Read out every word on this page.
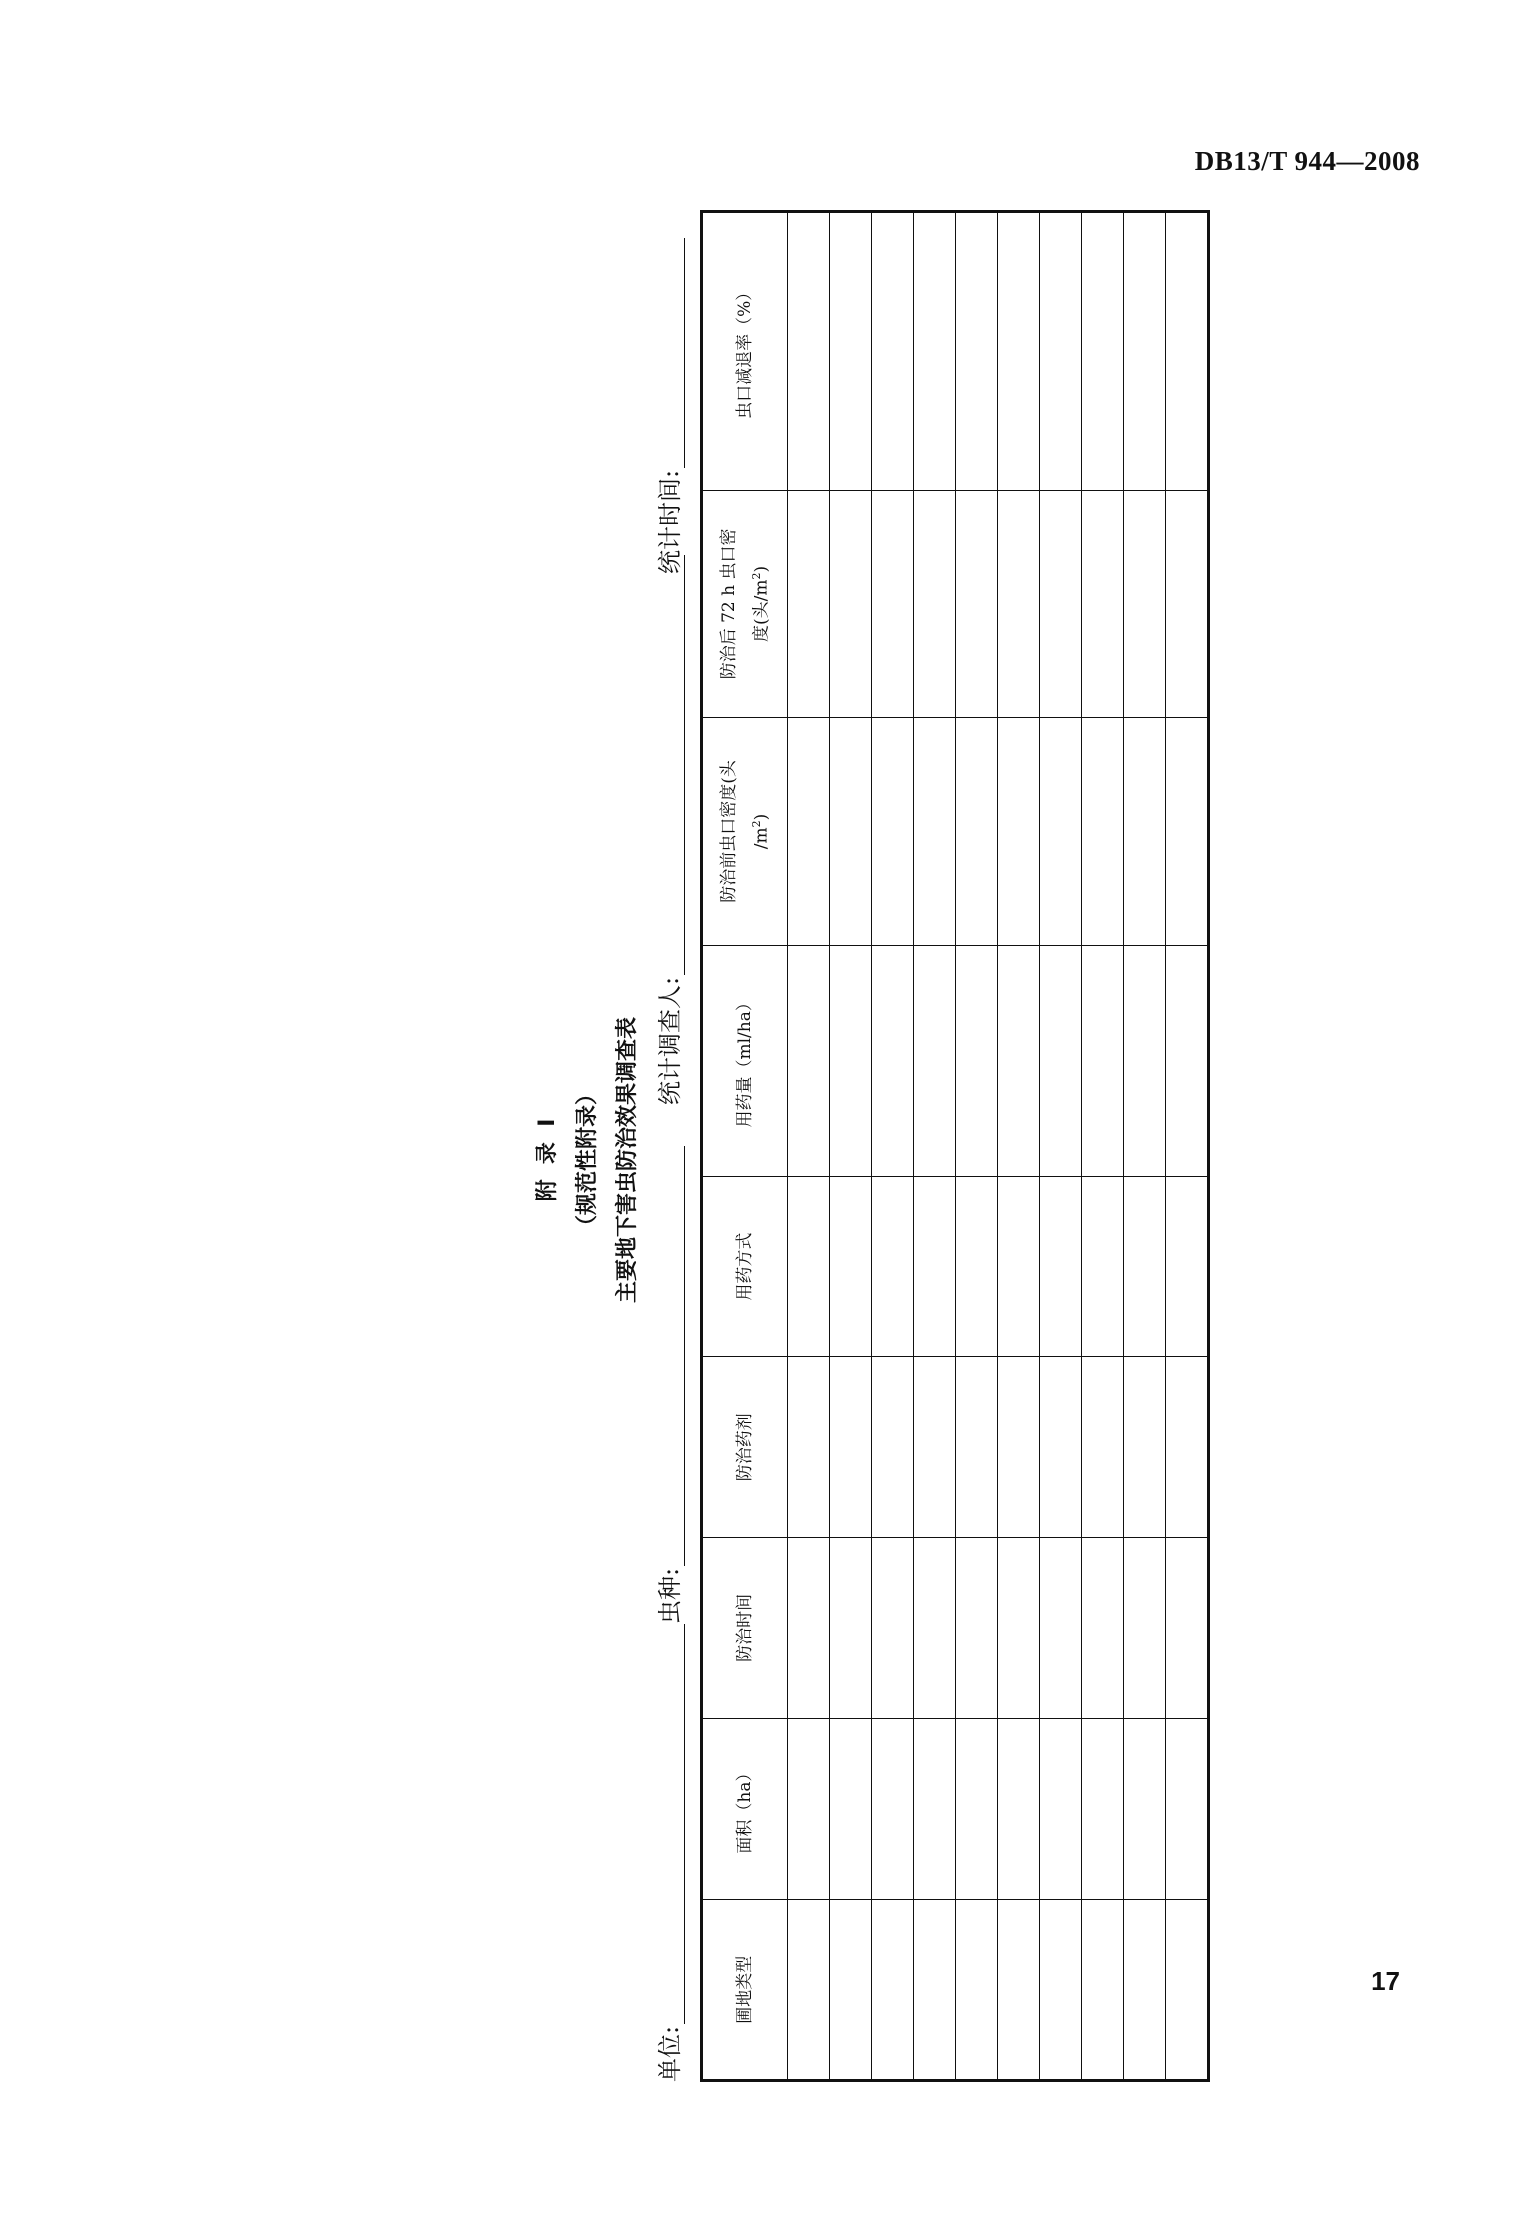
DB13/T 944—2008
附  录  Ⅰ （规范性附录） 主要地下害虫防治效果调查表
单位:
虫种:
统计调查人:
统计时间:
圃地类型	面积（ha）	防治时间	防治药剂	用药方式	用药量（ml/ha）	防治前虫口密度(头 $/m^2$)	防治后 72 h 虫口密 度(头$/m^2$)	虫口减退率（%）

17
